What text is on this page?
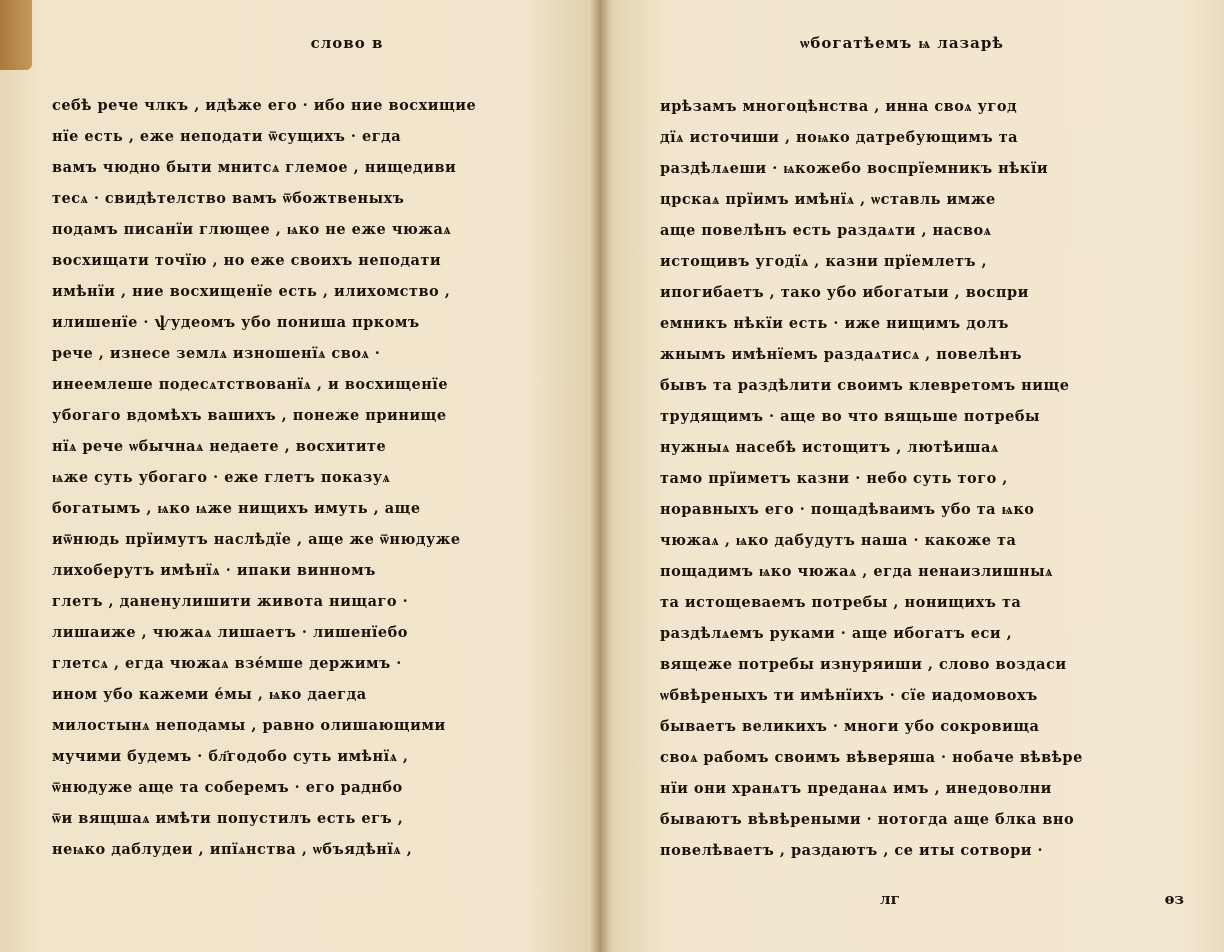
слово в
себѣ рече члкъ , идѣже его · ибо ние восхищие
нїе есть , еже неподати ѿсущихъ · егда
вамъ чюдно быти мнитсѧ глемое , нищедиви
тесѧ · свидѣтелство вамъ ѿбожтвеныхъ
подамъ писанїи глющее , ѩко не еже чюжаѧ
восхищати точїю , но еже своихъ неподати
имѣнїи , ние восхищенїе есть , илихомство ,
илишенїе · ѱудеомъ убо пониша пркомъ
рече , изнесе землѧ изношенїѧ своѧ ·
инеемлеше подесѧтствованїѧ , и восхищенїе
убогаго вдомѣхъ вашихъ , понеже принище
нїѧ рече ѡбычнаѧ недаете , восхитите
ѩже суть убогаго · еже глетъ показуѧ
богатымъ , ѩко ѩже нищихъ имуть , аще
иѿнюдь прїимутъ наслѣдїе , аще же ѿнюдуже
лихоберутъ имѣнїѧ · ипаки винномъ
глетъ , даненулишити живота нищаго ·
лишаиже , чюжаѧ лишаетъ · лишенїебо
глетсѧ , егда чюжаѧ взе́мше держимъ ·
ином убо кажеми е́мы , ѩко даегда
милостынѧ неподамы , равно олишающими
мучими будемъ · бл҃годобо суть имѣнїѧ ,
ѿнюдуже аще та соберемъ · его раднбо
ѿи вящшаѧ имѣти попустилъ есть егъ ,
неѩко даблудеи , ипїѧнства , ѡбъядѣнїѧ ,
ѡбогатѣемъ ѩ лазарѣ
ирѣзамъ многоцѣнства , инна своѧ угод
дїѧ источиши , ноѩко датребующимъ та
раздѣлѧеши · ѩкожебо воспрїемникъ нѣкїи
црскаѧ прїимъ имѣнїѧ , ѡставль имже
аще повелѣнъ есть раздаѧти , насвоѧ
истощивъ угодїѧ , казни прїемлетъ ,
ипогибаетъ , тако убо ибогатыи , воспри
емникъ нѣкїи есть · иже нищимъ долъ
жнымъ имѣнїемъ раздаѧтисѧ , повелѣнъ
бывъ та раздѣлити своимъ клевретомъ нище
трудящимъ · аще во что вящьше потребы
нужныѧ насебѣ истощитъ , лютѣишаѧ
тамо прїиметъ казни · небо суть того ,
норавныхъ его · пощадѣваимъ убо та ѩко
чюжаѧ , ѩко дабудутъ наша · какоже та
пощадимъ ѩко чюжаѧ , егда ненаизлишныѧ
та истощеваемъ потребы , нонищихъ та
раздѣлѧемъ руками · аще ибогатъ еси ,
вящеже потребы изнуряиши , слово воздаси
ѡбвѣреныхъ ти имѣнїихъ · сїе иадомовохъ
бываетъ великихъ · многи убо сокровища
своѧ рабомъ своимъ вѣверяша · нобаче вѣвѣре
нїи они хранѧтъ преданаѧ имъ , инедоволни
бываютъ вѣвѣреными · нотогда аще блка вно
повелѣваетъ , раздаютъ , се иты сотвори ·
лг	ѳз
